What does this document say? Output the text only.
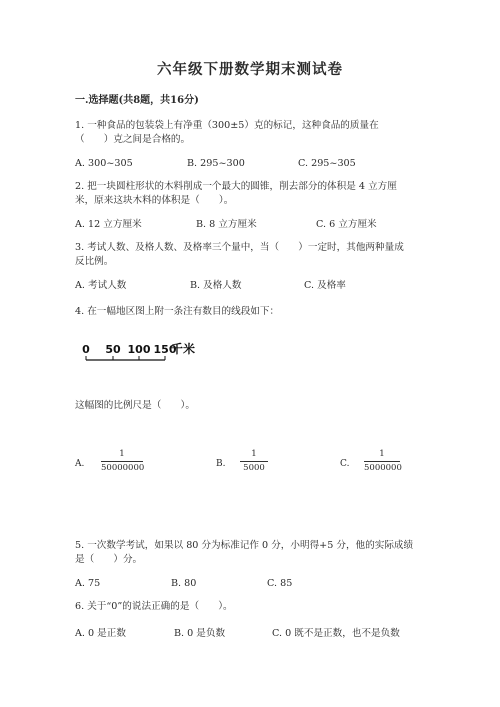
六年级下册数学期末测试卷
一.选择题(共8题，共16分)
1. 一种食品的包装袋上有净重（300±5）克的标记，这种食品的质量在
（　　）克之间是合格的。
A. 300~305	B. 295~300	C. 295~305
2. 把一块圆柱形状的木料削成一个最大的圆锥，削去部分的体积是 4 立方厘
米，原来这块木料的体积是（　　）。
A. 12 立方厘米	B. 8 立方厘米	C. 6 立方厘米
3. 考试人数、及格人数、及格率三个量中，当（　　）一定时，其他两种量成
反比例。
A. 考试人数	B. 及格人数	C. 及格率
4. 在一幅地区图上附一条注有数目的线段如下：
0 50 100 150
千米
这幅图的比例尺是（　　）。
A.
1
50000000	B.
1
5000	C.
1
5000000
5. 一次数学考试，如果以 80 分为标准记作 0 分，小明得+5 分，他的实际成绩
是（　　）分。
A. 75	B. 80	C. 85
6. 关于“0”的说法正确的是（　　）。
A. 0 是正数	B. 0 是负数	C. 0 既不是正数，也不是负数
